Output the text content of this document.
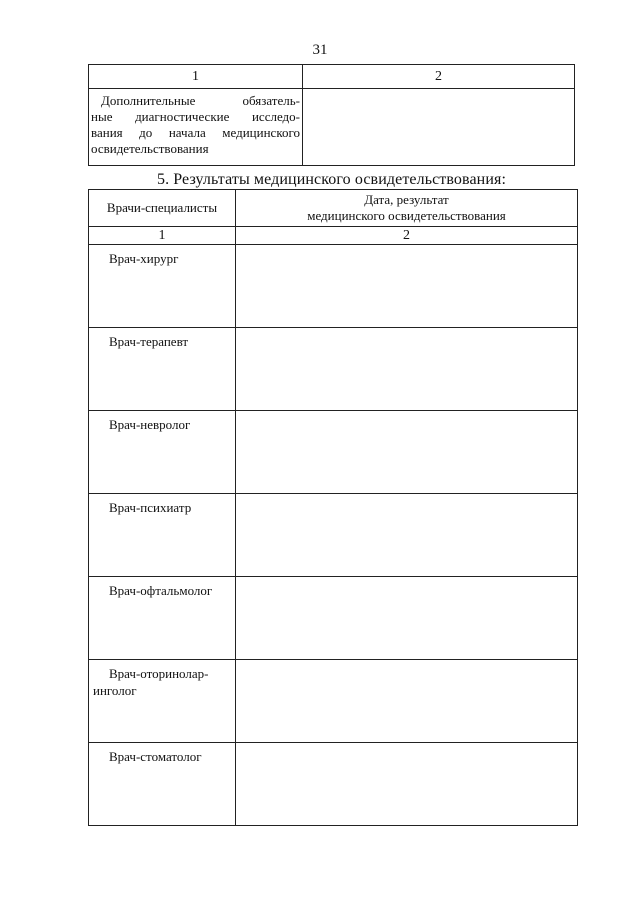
31
1	2

Дополнительные обязатель-
ные диагностические исследо-
вания до начала медицинского
освидетельствования	

5. Результаты медицинского освидетельствования:
Врачи-специалисты	Дата, результат
медицинского освидетельствования
1	2

Врач-хирург	

Врач-терапевт	

Врач-невролог	

Врач-психиатр	

Врач-офтальмолог	

Врач-оторинолар-
инголог	

Врач-стоматолог	
